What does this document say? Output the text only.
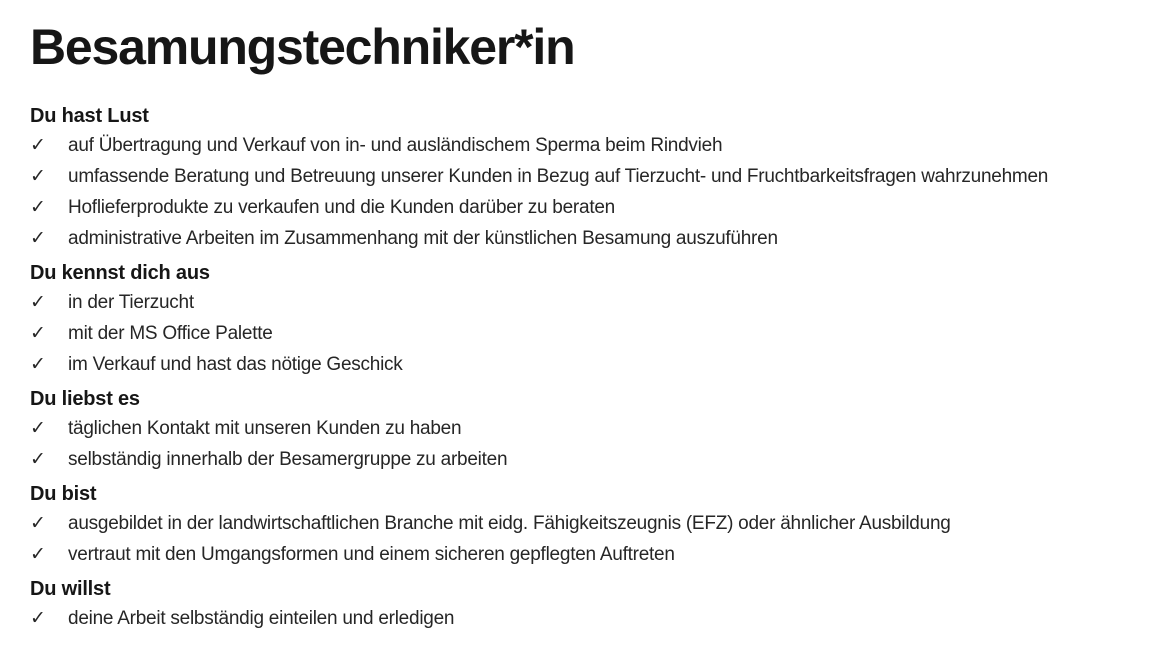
Besamungstechniker*in
Du hast Lust
✓	auf Übertragung und Verkauf von in- und ausländischem Sperma beim Rindvieh
✓	umfassende Beratung und Betreuung unserer Kunden in Bezug auf Tierzucht- und Fruchtbarkeitsfragen wahrzunehmen
✓	Hoflieferprodukte zu verkaufen und die Kunden darüber zu beraten
✓	administrative Arbeiten im Zusammenhang mit der künstlichen Besamung auszuführen
Du kennst dich aus
✓	in der Tierzucht
✓	mit der MS Office Palette
✓	im Verkauf und hast das nötige Geschick
Du liebst es
✓	täglichen Kontakt mit unseren Kunden zu haben
✓	selbständig innerhalb der Besamergruppe zu arbeiten
Du bist
✓	ausgebildet in der landwirtschaftlichen Branche mit eidg. Fähigkeitszeugnis (EFZ) oder ähnlicher Ausbildung
✓	vertraut mit den Umgangsformen und einem sicheren gepflegten Auftreten
Du willst
✓	deine Arbeit selbständig einteilen und erledigen
